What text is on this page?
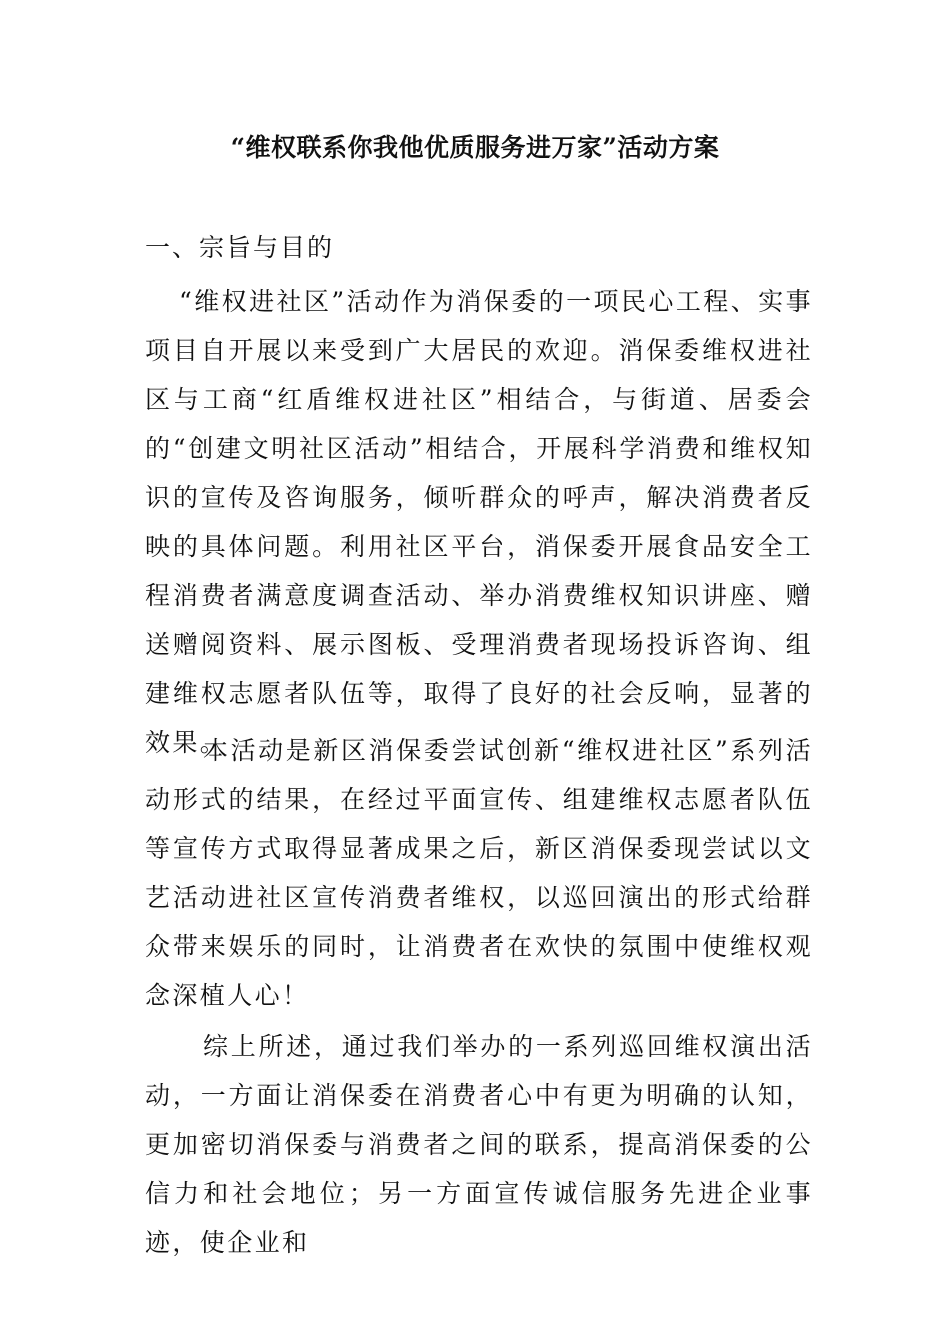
“维权联系你我他优质服务进万家”活动方案
一、宗旨与目的

“维权进社区”活动作为消保委的一项民心工程、实事项目自开展以来受到广大居民的欢迎。消保委维权进社区与工商“红盾维权进社区”相结合，与街道、居委会的“创建文明社区活动”相结合，开展科学消费和维权知识的宣传及咨询服务，倾听群众的呼声，解决消费者反映的具体问题。利用社区平台，消保委开展食品安全工程消费者满意度调查活动、举办消费维权知识讲座、赠送赠阅资料、展示图板、受理消费者现场投诉咨询、组建维权志愿者队伍等，取得了良好的社会反响，显著的效果。

本活动是新区消保委尝试创新“维权进社区”系列活动形式的结果，在经过平面宣传、组建维权志愿者队伍等宣传方式取得显著成果之后，新区消保委现尝试以文艺活动进社区宣传消费者维权，以巡回演出的形式给群众带来娱乐的同时，让消费者在欢快的氛围中使维权观念深植人心！

综上所述，通过我们举办的一系列巡回维权演出活动，一方面让消保委在消费者心中有更为明确的认知，更加密切消保委与消费者之间的联系，提高消保委的公信力和社会地位；另一方面宣传诚信服务先进企业事迹，使企业和
